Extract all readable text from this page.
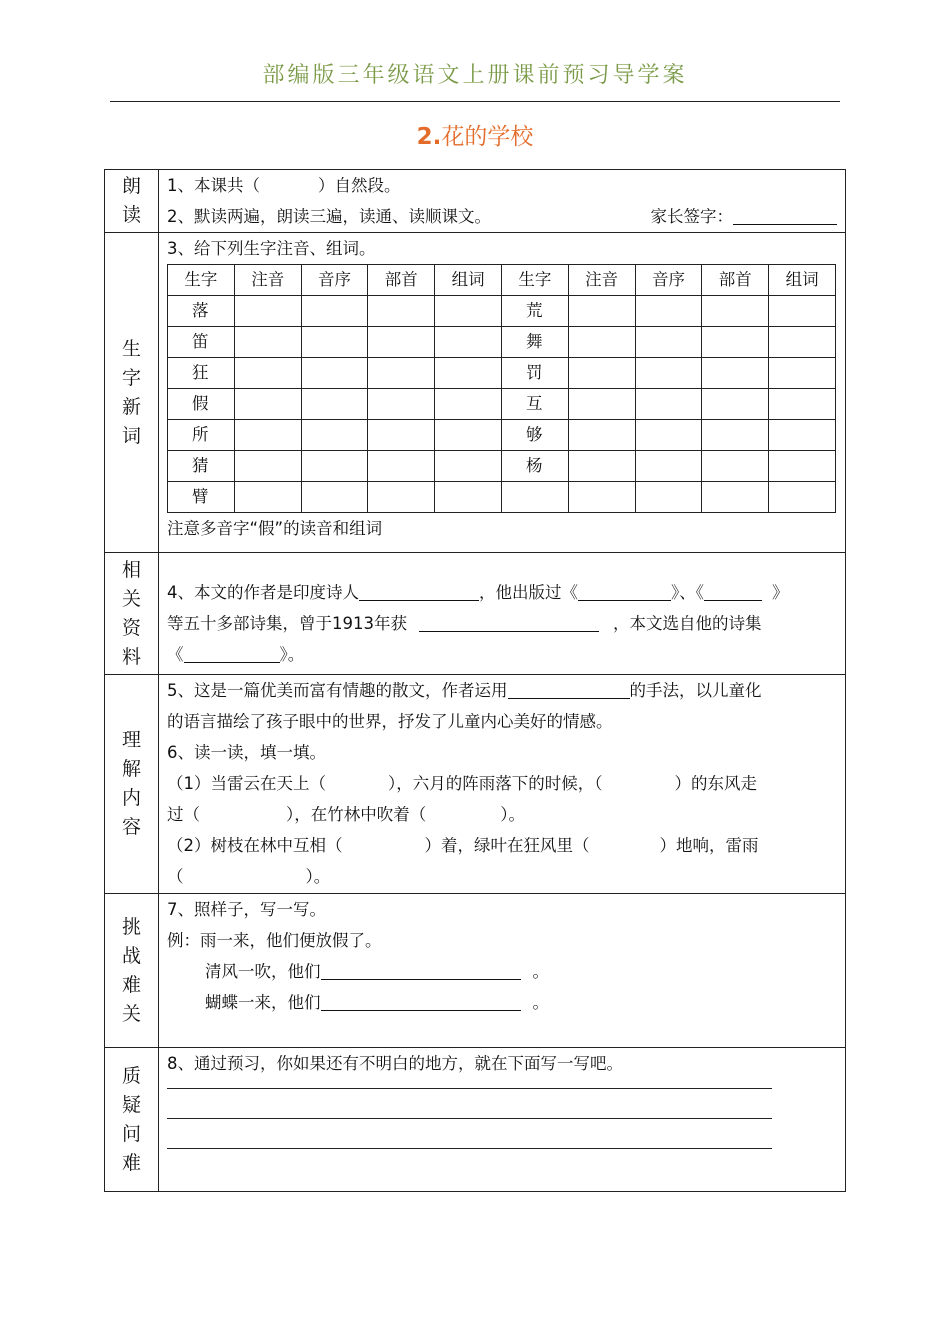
部编版三年级语文上册课前预习导学案
2.花的学校
朗
读

1、本课共（	）自然段。
2、默读两遍，朗读三遍，读通、读顺课文。	家长签字：

生
字
新
词

3、给下列生字注音、组词。
生字	注音	音序	部首	组词	生字	注音	音序	部首	组词
落					荒				
笛					舞				
狂					罚				
假					互				
所					够				
猜					杨				
臂									
注意多音字“假”的读音和组词

相
关
资
料

4、本文的作者是印度诗人	，他出版过《	》、《	》
等五十多部诗集，曾于1913年获	，本文选自他的诗集
《	》。

理
解
内
容

5、这是一篇优美而富有情趣的散文，作者运用	的手法，以儿童化
的语言描绘了孩子眼中的世界，抒发了儿童内心美好的情感。
6、读一读，填一填。
（1）当雷云在天上（	），六月的阵雨落下的时候，（	）的东风走
过（	），在竹林中吹着（	）。
（2）树枝在林中互相（	）着，绿叶在狂风里（	）地响，雷雨
（	）。

挑
战
难
关

7、照样子，写一写。
例：雨一来，他们便放假了。
清风一吹，他们	。
蝴蝶一来，他们	。

质
疑
问
难

8、通过预习，你如果还有不明白的地方，就在下面写一写吧。
